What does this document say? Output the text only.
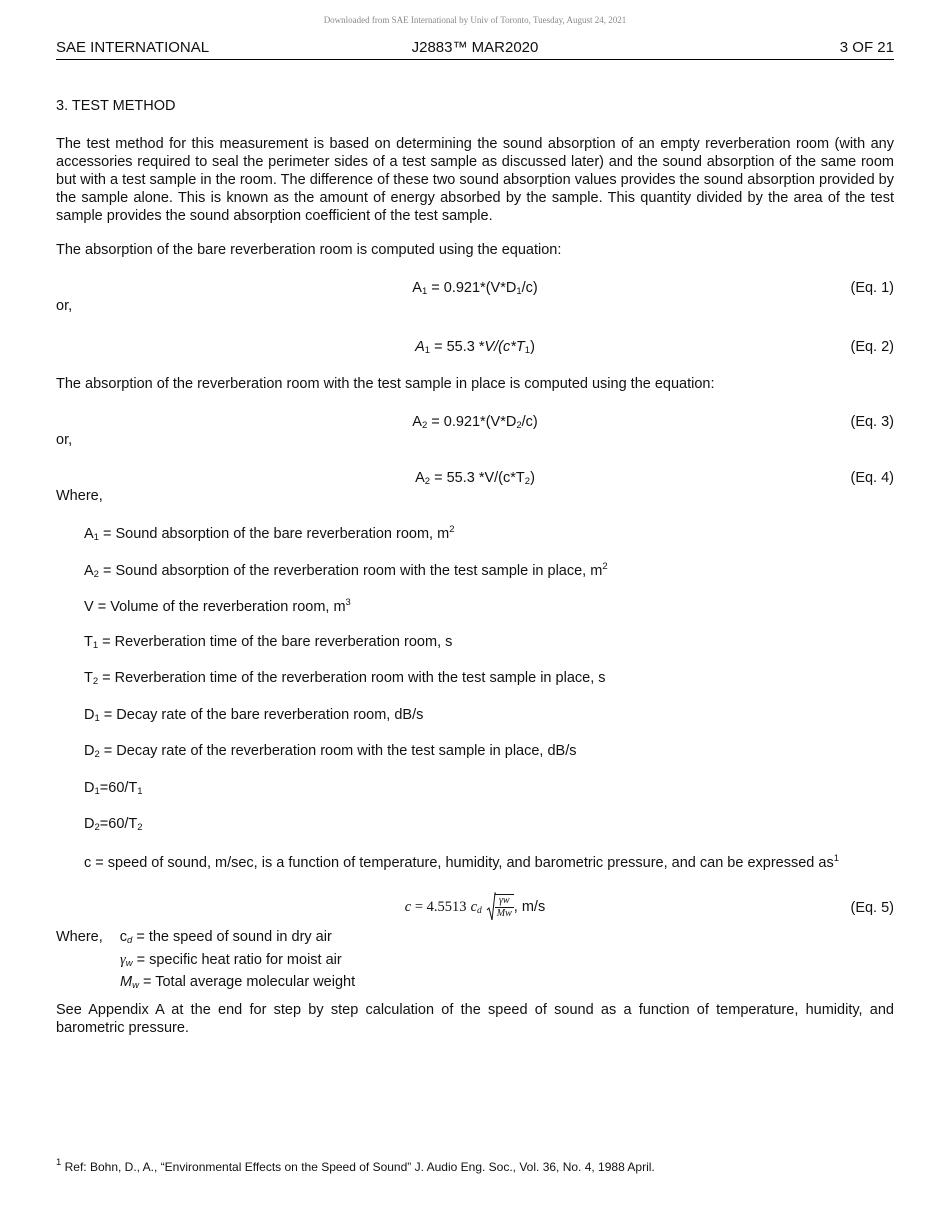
Downloaded from SAE International by Univ of Toronto, Tuesday, August 24, 2021
SAE INTERNATIONAL	J2883™ MAR2020	3 OF 21
3. TEST METHOD
The test method for this measurement is based on determining the sound absorption of an empty reverberation room (with any accessories required to seal the perimeter sides of a test sample as discussed later) and the sound absorption of the same room but with a test sample in the room. The difference of these two sound absorption values provides the sound absorption provided by the sample alone. This is known as the amount of energy absorbed by the sample. This quantity divided by the area of the test sample provides the sound absorption coefficient of the test sample.
The absorption of the bare reverberation room is computed using the equation:
$A_1 = 0.921*(V*D_1/c)$	(Eq. 1)
or,
$A_1 = 55.3$ $*V/(c*T_1)$	(Eq. 2)
The absorption of the reverberation room with the test sample in place is computed using the equation:
$A_2 = 0.921*(V*D_2/c)$	(Eq. 3)
or,
$A_2 = 55.3$ $*V/(c*T_2)$	(Eq. 4)
Where,
$A_1$ = Sound absorption of the bare reverberation room, $m^2$
$A_2$ = Sound absorption of the reverberation room with the test sample in place, $m^2$
V = Volume of the reverberation room, $m^3$
$T_1$ = Reverberation time of the bare reverberation room, s
$T_2$ = Reverberation time of the reverberation room with the test sample in place, s
$D_1$ = Decay rate of the bare reverberation room, dB/s
$D_2$ = Decay rate of the reverberation room with the test sample in place, dB/s
$D_1=60/T_1$
$D_2=60/T_2$
c = speed of sound, m/sec, is a function of temperature, humidity, and barometric pressure, and can be expressed $as^1$
c = 4.5513 $c_d \frac{\gamma w}{Mw}$ , m/s	(Eq. 5)
Where, $c_d$ = the speed of sound in dry air
$\gamma_w$ = specific heat ratio for moist air
$M_w$ = Total average molecular weight
See Appendix A at the end for step by step calculation of the speed of sound as a function of temperature, humidity, and barometric pressure.
$^1$ Ref: Bohn, D., A., “Environmental Effects on the Speed of Sound” J. Audio Eng. Soc., Vol. 36, No. 4, 1988 April.
